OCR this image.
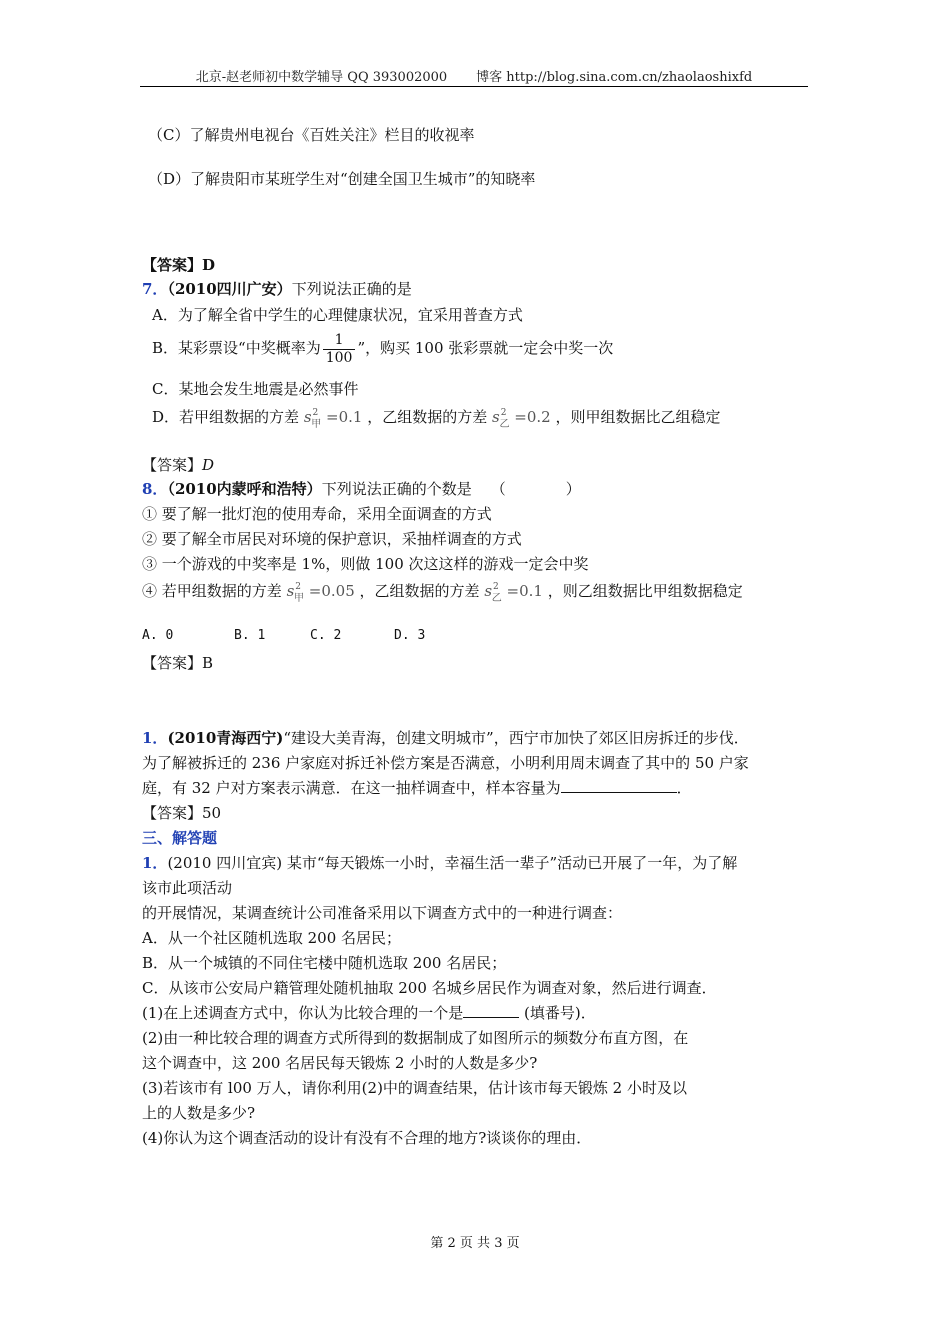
北京-赵老师初中数学辅导 QQ 393002000 博客 http://blog.sina.com.cn/zhaolaoshixfd
（C）了解贵州电视台《百姓关注》栏目的收视率
（D）了解贵阳市某班学生对“创建全国卫生城市”的知晓率
【答案】D
7．（2010四川广安）下列说法正确的是
A．为了解全省中学生的心理健康状况，宜采用普查方式
B．某彩票设“中奖概率为 $\frac{1}{100}$ ”，购买 100 张彩票就一定会中奖一次
C．某地会发生地震是必然事件
D．若甲组数据的方差 $s^2_甲 =0.1$ ，乙组数据的方差 $s^2_乙 =0.2$ ，则甲组数据比乙组稳定
【答案】D
8．（2010内蒙呼和浩特）下列说法正确的个数是 （　　　　）
① 要了解一批灯泡的使用寿命，采用全面调查的方式
② 要了解全市居民对环境的保护意识，采抽样调查的方式
③ 一个游戏的中奖率是 1%，则做 100 次这这样的游戏一定会中奖
④ 若甲组数据的方差 $s^2_甲 =0.05$ ，乙组数据的方差 $s^2_乙 =0.1$ ，则乙组数据比甲组数据稳定
A. 0	B. 1	C. 2	D. 3
【答案】B
1．(2010青海西宁)“建设大美青海，创建文明城市”，西宁市加快了郊区旧房拆迁的步伐．
为了解被拆迁的 236 户家庭对拆迁补偿方案是否满意，小明利用周末调查了其中的 50 户家
庭，有 32 户对方案表示满意．在这一抽样调查中，样本容量为	．
【答案】50
三、解答题
1．(2010 四川宜宾) 某市“每天锻炼一小时，幸福生活一辈子”活动已开展了一年，为了解
该市此项活动
的开展情况，某调查统计公司准备采用以下调查方式中的一种进行调查：
A．从一个社区随机选取 200 名居民；
B．从一个城镇的不同住宅楼中随机选取 200 名居民；
C．从该市公安局户籍管理处随机抽取 200 名城乡居民作为调查对象，然后进行调查．
(1)在上述调查方式中，你认为比较合理的一个是	(填番号)．
(2)由一种比较合理的调查方式所得到的数据制成了如图所示的频数分布直方图，在
这个调查中，这 200 名居民每天锻炼 2 小时的人数是多少?
(3)若该市有 l00 万人，请你利用(2)中的调查结果，估计该市每天锻炼 2 小时及以
上的人数是多少?
(4)你认为这个调查活动的设计有没有不合理的地方?谈谈你的理由．
第 2 页 共 3 页
